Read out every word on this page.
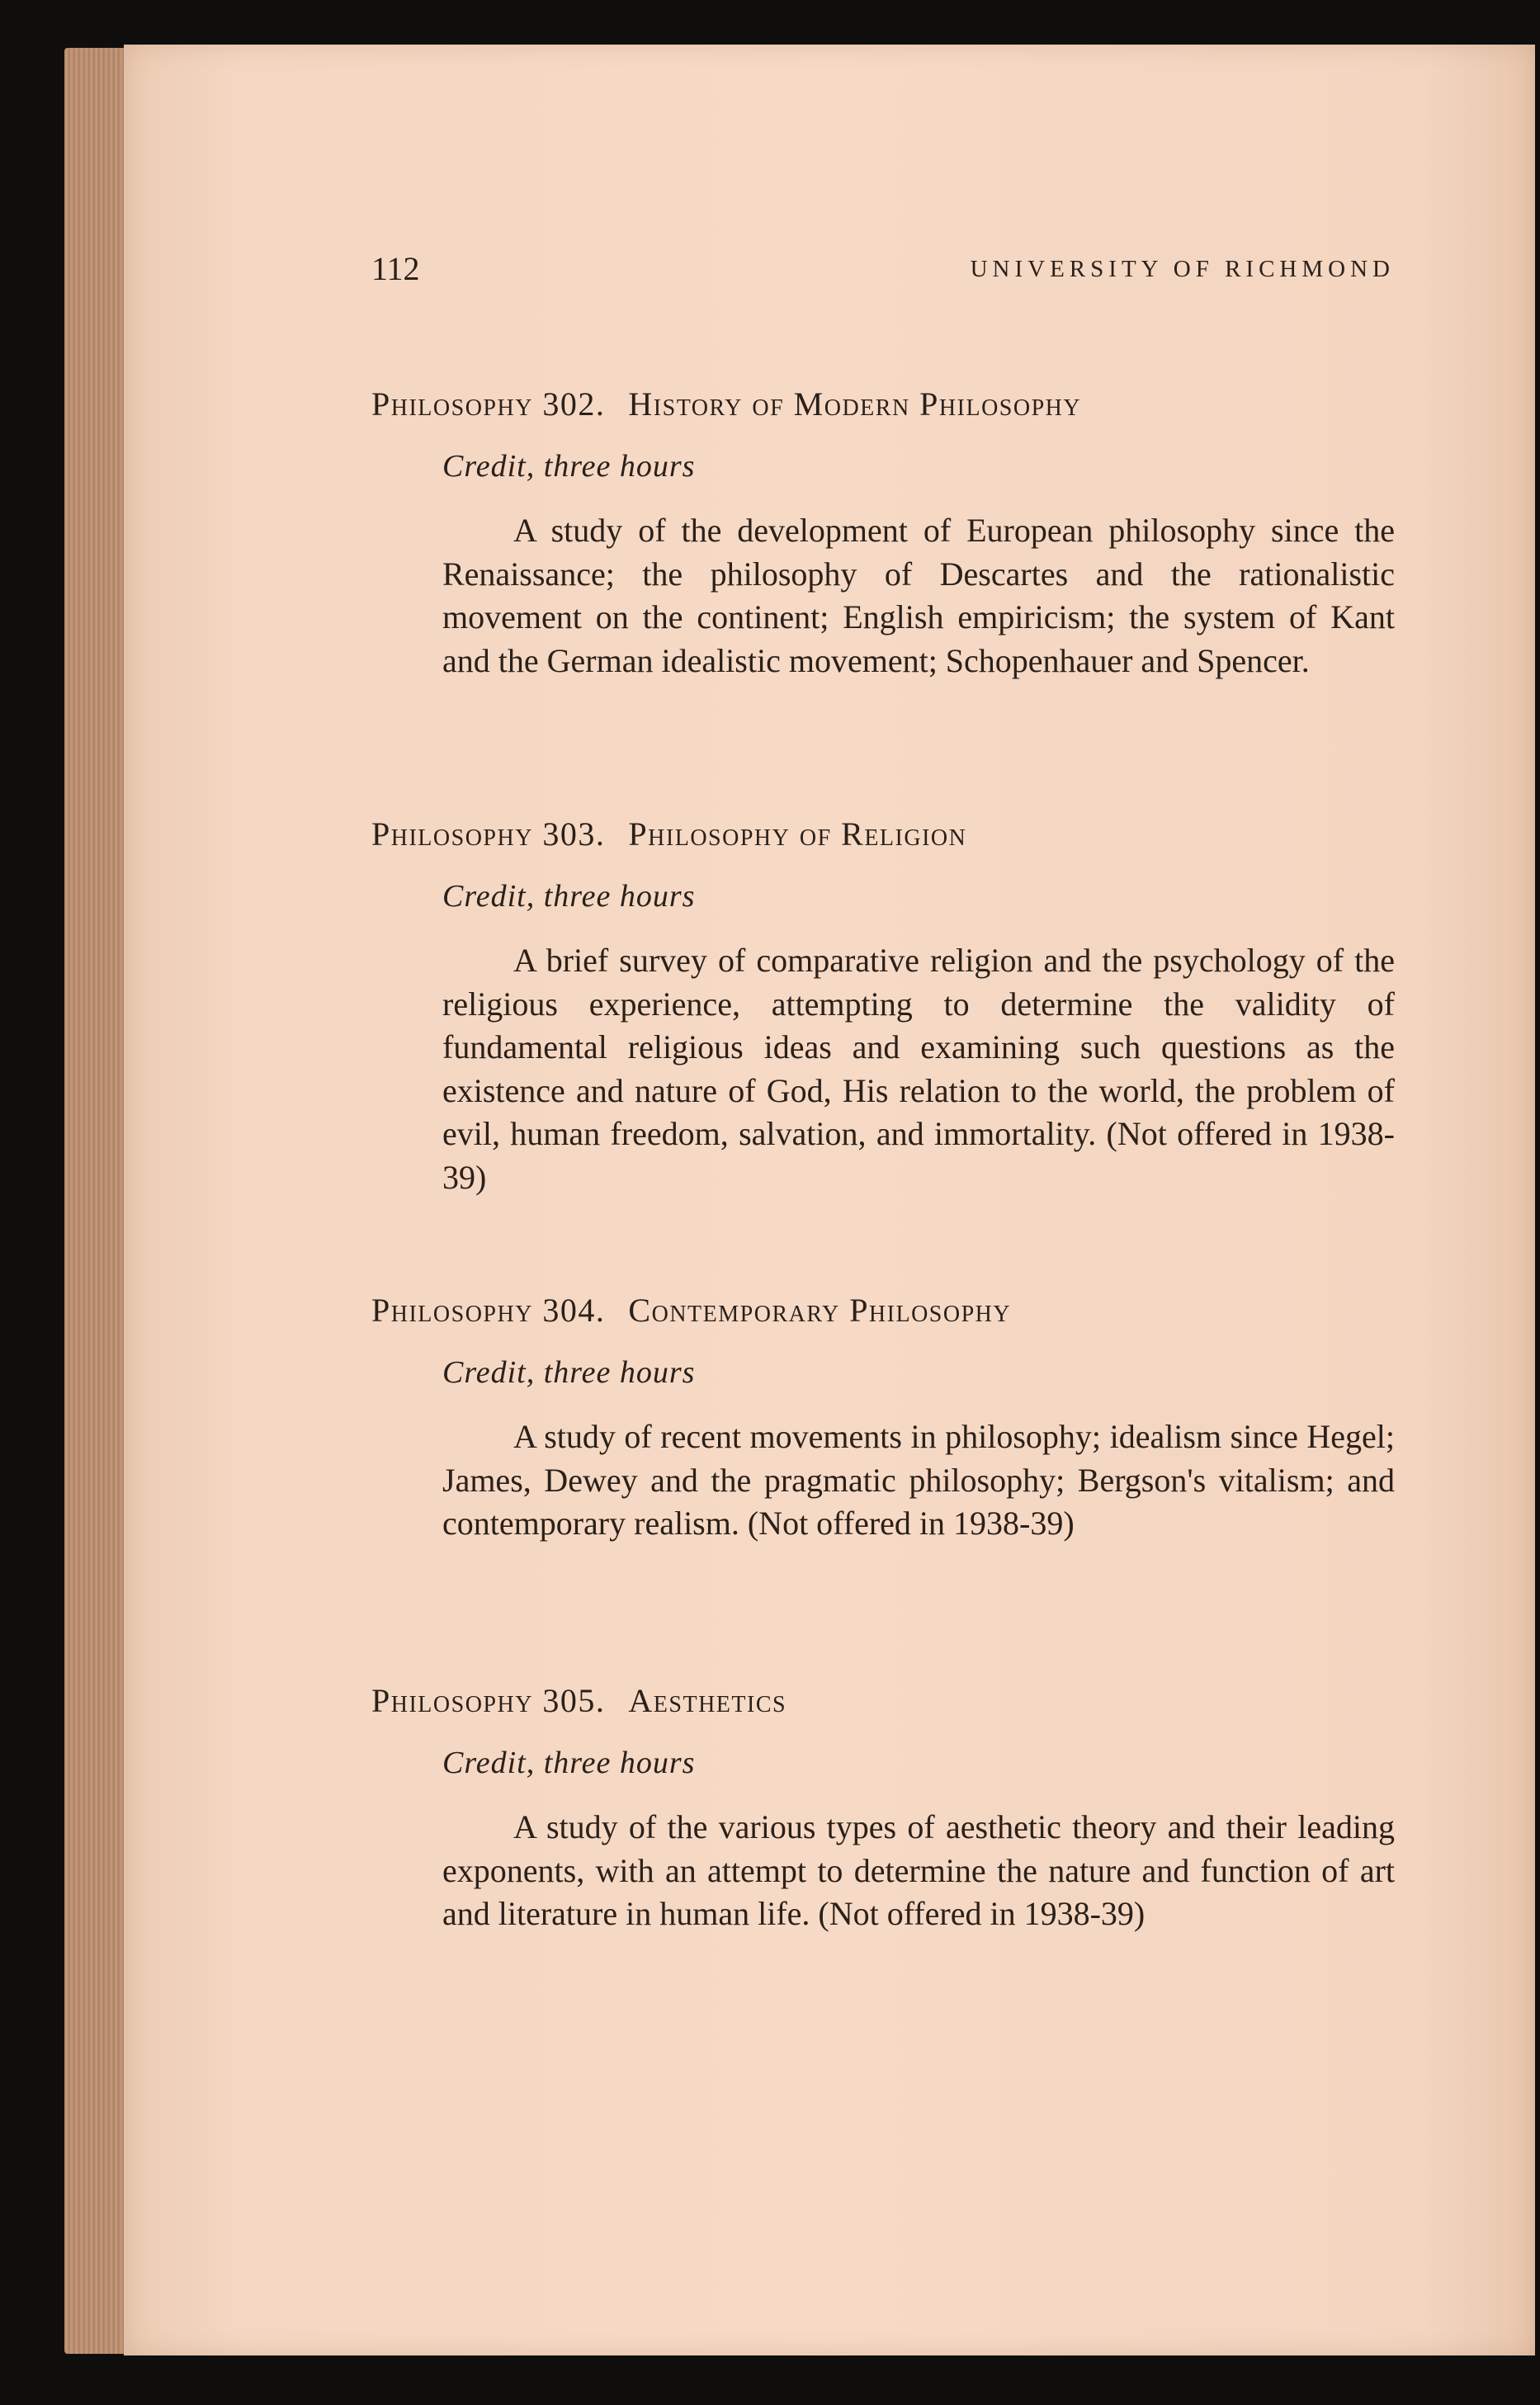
112	UNIVERSITY OF RICHMOND
Philosophy 302. History of Modern Philosophy
Credit, three hours

A study of the development of European philosophy since the Renaissance; the philosophy of Descartes and the rationalistic movement on the continent; English empiricism; the system of Kant and the German idealistic movement; Schopenhauer and Spencer.

Philosophy 303. Philosophy of Religion
Credit, three hours

A brief survey of comparative religion and the psychology of the religious experience, attempting to determine the validity of fundamental religious ideas and examining such questions as the existence and nature of God, His relation to the world, the problem of evil, human freedom, salvation, and immortality. (Not offered in 1938-39)

Philosophy 304. Contemporary Philosophy
Credit, three hours

A study of recent movements in philosophy; idealism since Hegel; James, Dewey and the pragmatic philosophy; Bergson's vitalism; and contemporary realism. (Not offered in 1938-39)

Philosophy 305. Aesthetics
Credit, three hours

A study of the various types of aesthetic theory and their leading exponents, with an attempt to determine the nature and function of art and literature in human life. (Not offered in 1938-39)
